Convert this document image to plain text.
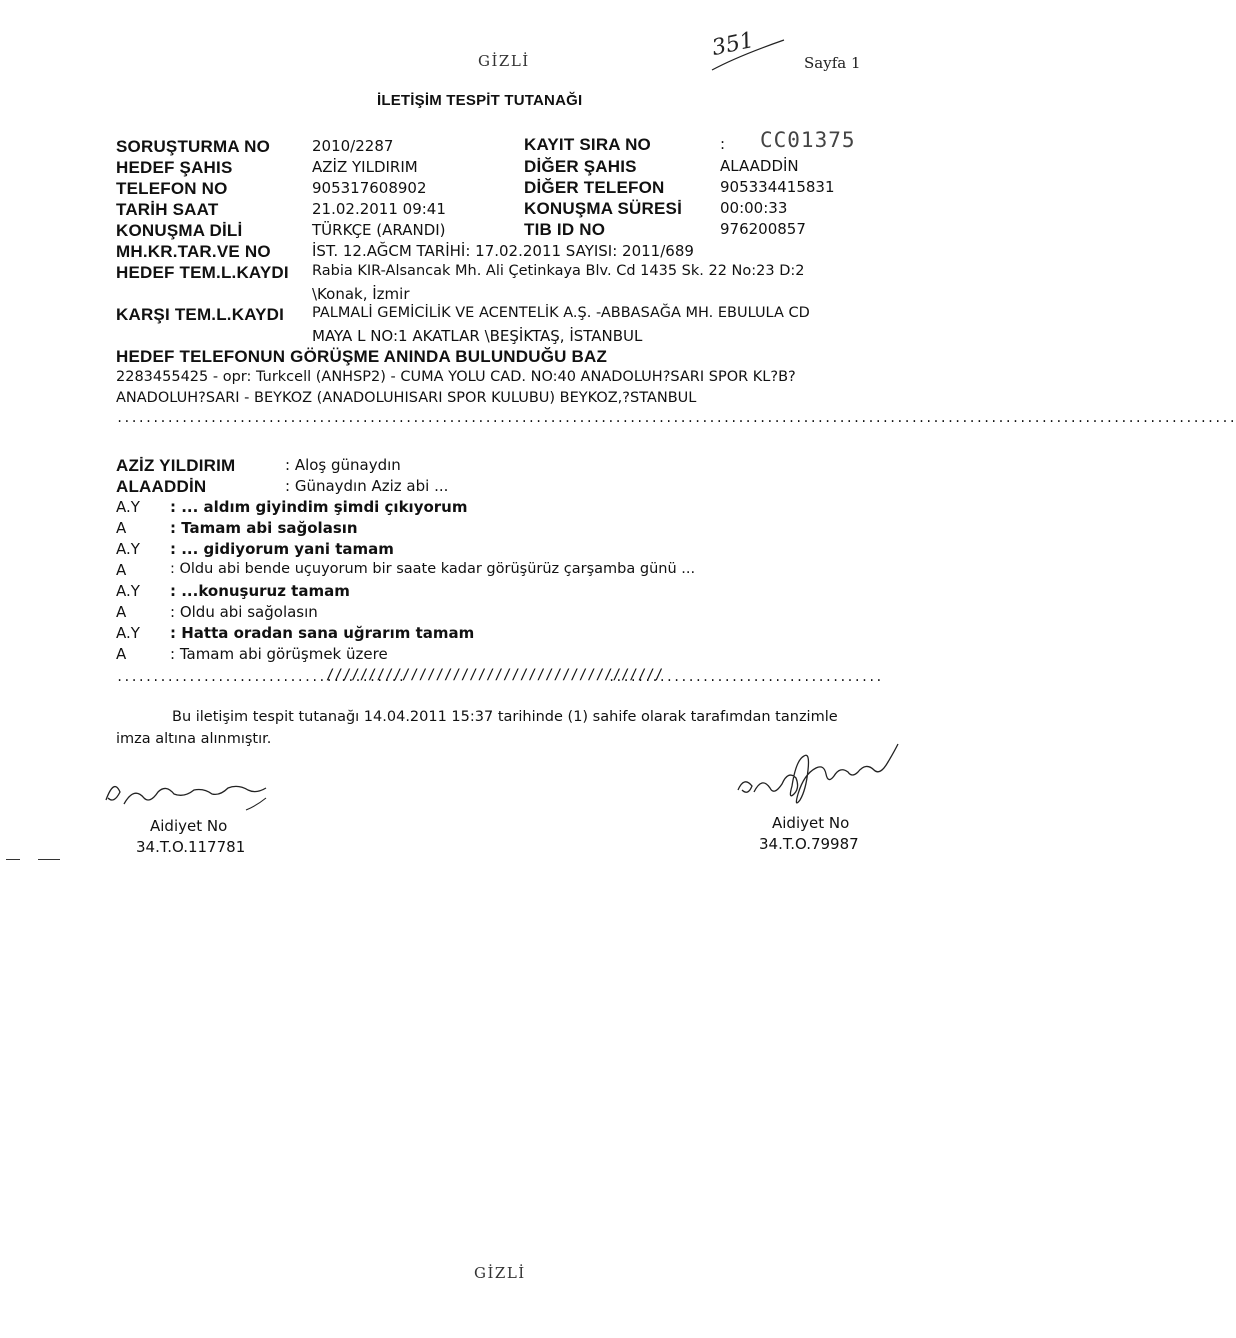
GİZLİ	351
Sayfa 1
İLETİŞİM TESPİT TUTANAĞI
SORUŞTURMA NO	2010/2287	KAYIT SIRA NO	: CC01375
HEDEF ŞAHIS	AZİZ YILDIRIM	DİĞER ŞAHIS	ALAADDİN
TELEFON NO	905317608902	DİĞER TELEFON	905334415831
TARİH SAAT	21.02.2011 09:41	KONUŞMA SÜRESİ	00:00:33
KONUŞMA DİLİ	TÜRKÇE (ARANDI)	TIB ID NO	976200857
MH.KR.TAR.VE NO	İST. 12.AĞCM TARİHİ: 17.02.2011 SAYISI: 2011/689
HEDEF TEM.L.KAYDI Rabia KIR-Alsancak Mh. Ali Çetinkaya Blv. Cd 1435 Sk. 22 No:23 D:2
\Konak, İzmir
KARŞI TEM.L.KAYDI PALMALİ GEMİCİLİK VE ACENTELİK A.Ş. -ABBASAĞA MH. EBULULA CD
MAYA L NO:1 AKATLAR \BEŞİKTAŞ, İSTANBUL
HEDEF TELEFONUN GÖRÜŞME ANINDA BULUNDUĞU BAZ
2283455425 - opr: Turkcell (ANHSP2) - CUMA YOLU CAD. NO:40 ANADOLUH?SARI SPOR KL?B?
ANADOLUH?SARI - BEYKOZ (ANADOLUHISARI SPOR KULUBU) BEYKOZ,?STANBUL
...........................................................................................................................................................
AZİZ YILDIRIM	: Aloş günaydın
ALAADDİN	: Günaydın Aziz abi ...
A.Y : ... aldım giyindim şimdi çıkıyorum
A	: Tamam abi sağolasın
A.Y : ... gidiyorum yani tamam
A	: Oldu abi bende uçuyorum bir saate kadar görüşürüz çarşamba günü ...
A.Y : ...konuşuruz tamam
A	: Oldu abi sağolasın
A.Y : Hatta oradan sana uğrarım tamam
A	: Tamam abi görüşmek üzere
........................................
////////////////////////////////////////
......................................
Bu iletişim tespit tutanağı 14.04.2011 15:37 tarihinde (1) sahife olarak tarafımdan tanzimle
imza altına alınmıştır.
Aidiyet No
34.T.O.117781
Aidiyet No
34.T.O.79987
GİZLİ
